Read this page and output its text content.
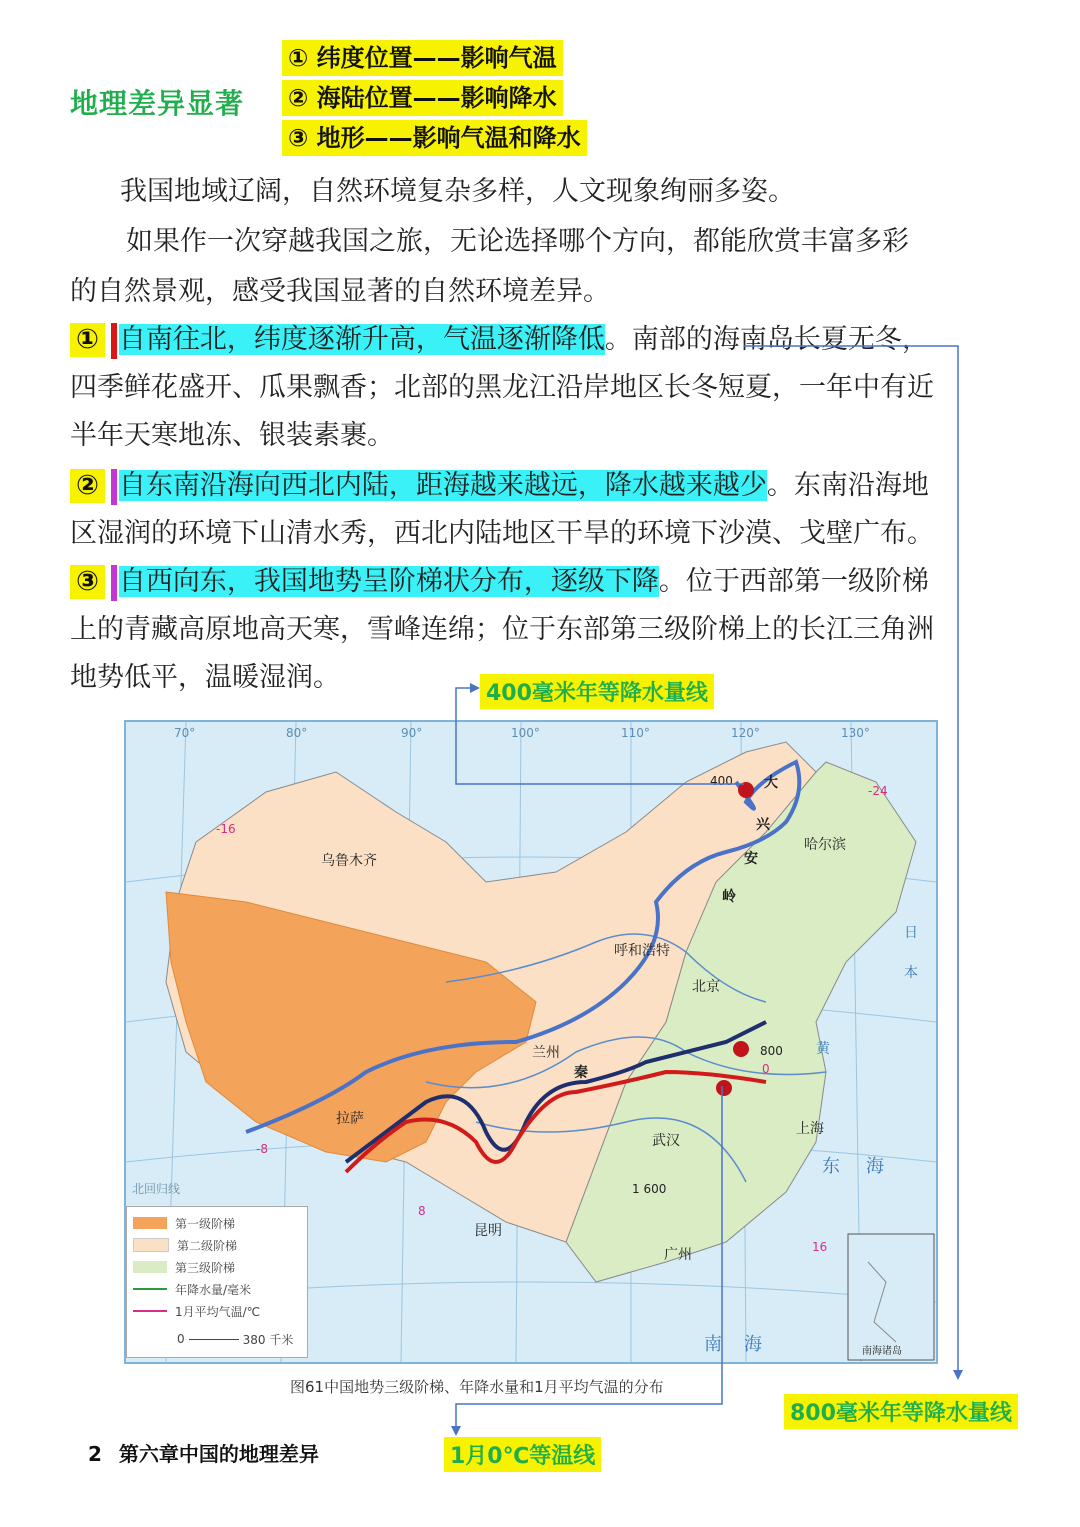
地理差异显著
① 纬度位置——影响气温
② 海陆位置——影响降水
③ 地形——影响气温和降水
我国地域辽阔，自然环境复杂多样，人文现象绚丽多姿。
如果作一次穿越我国之旅，无论选择哪个方向，都能欣赏丰富多彩
的自然景观，感受我国显著的自然环境差异。
① 自南往北，纬度逐渐升高，气温逐渐降低。南部的海南岛长夏无冬，
四季鲜花盛开、瓜果飘香；北部的黑龙江沿岸地区长冬短夏，一年中有近
半年天寒地冻、银装素裹。
② 自东南沿海向西北内陆，距海越来越远，降水越来越少。东南沿海地
区湿润的环境下山清水秀，西北内陆地区干旱的环境下沙漠、戈壁广布。
③ 自西向东，我国地势呈阶梯状分布，逐级下降。位于西部第一级阶梯
上的青藏高原地高天寒，雪峰连绵；位于东部第三级阶梯上的长江三角洲
地势低平，温暖湿润。
400毫米年等降水量线
70°	80°	90°	100°	110°	120°	130°
乌鲁木齐
呼和浩特
北京
哈尔滨
兰州
拉萨
武汉
上海
昆明
广州
大
兴
安
岭
秦
黄
东 海
南 海
日
本
北回归线
南海诸岛
400
-16
-24
-8
0
8
16
800
1 600
第一级阶梯
第二级阶梯
第三级阶梯
年降水量/毫米
1月平均气温/℃
0	380 千米
图61中国地势三级阶梯、年降水量和1月平均气温的分布
800毫米年等降水量线
1月0℃等温线
2 第六章中国的地理差异
